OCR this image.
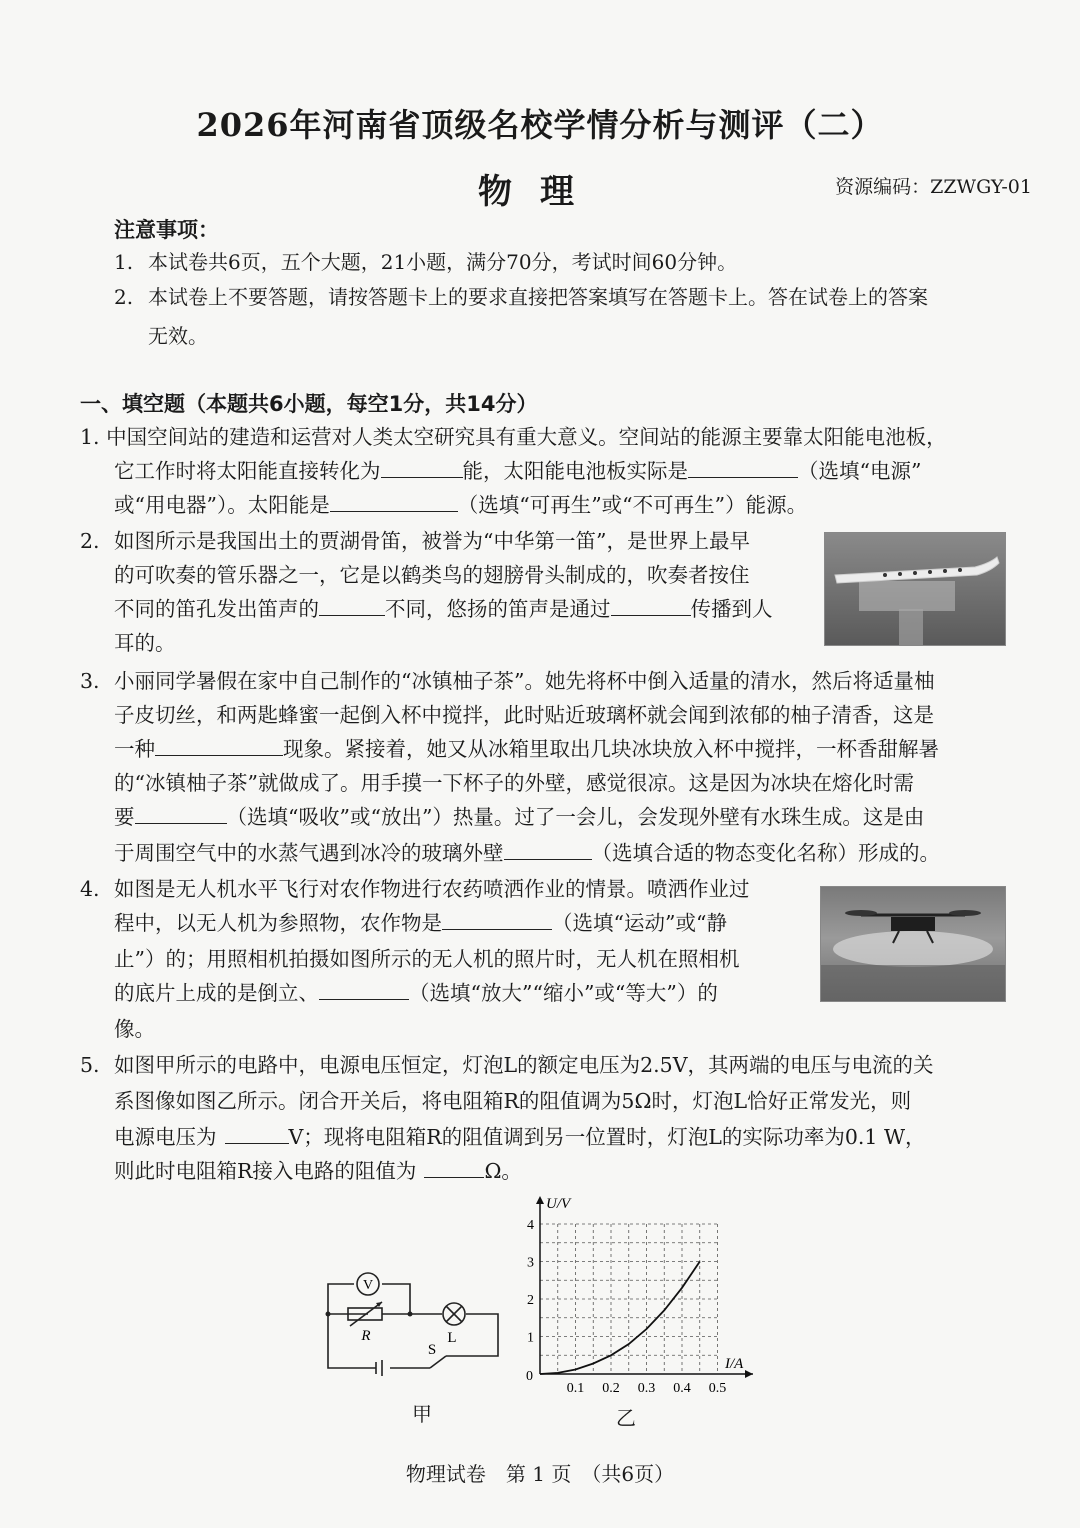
2026年河南省顶级名校学情分析与测评（二）
物理	资源编码：ZZWGY-01
注意事项：
1. 本试卷共6页，五个大题，21小题，满分70分，考试时间60分钟。
2. 本试卷上不要答题，请按答题卡上的要求直接把答案填写在答题卡上。答在试卷上的答案
无效。
一、填空题（本题共6小题，每空1分，共14分）
1. 中国空间站的建造和运营对人类太空研究具有重大意义。空间站的能源主要靠太阳能电池板，
它工作时将太阳能直接转化为	能，太阳能电池板实际是	（选填“电源”
或“用电器”）。太阳能是	（选填“可再生”或“不可再生”）能源。
2. 如图所示是我国出土的贾湖骨笛，被誉为“中华第一笛”，是世界上最早
的可吹奏的管乐器之一，它是以鹤类鸟的翅膀骨头制成的，吹奏者按住
不同的笛孔发出笛声的	不同，悠扬的笛声是通过	传播到人
耳的。
3. 小丽同学暑假在家中自己制作的“冰镇柚子茶”。她先将杯中倒入适量的清水，然后将适量柚
子皮切丝，和两匙蜂蜜一起倒入杯中搅拌，此时贴近玻璃杯就会闻到浓郁的柚子清香，这是
一种	现象。紧接着，她又从冰箱里取出几块冰块放入杯中搅拌，一杯香甜解暑
的“冰镇柚子茶”就做成了。用手摸一下杯子的外壁，感觉很凉。这是因为冰块在熔化时需
要	（选填“吸收”或“放出”）热量。过了一会儿，会发现外壁有水珠生成。这是由
于周围空气中的水蒸气遇到冰冷的玻璃外壁	（选填合适的物态变化名称）形成的。
4. 如图是无人机水平飞行对农作物进行农药喷洒作业的情景。喷洒作业过
程中，以无人机为参照物，农作物是	（选填“运动”或“静
止”）的；用照相机拍摄如图所示的无人机的照片时，无人机在照相机
的底片上成的是倒立、	（选填“放大”“缩小”或“等大”）的
像。
5. 如图甲所示的电路中，电源电压恒定，灯泡L的额定电压为2.5V，其两端的电压与电流的关
系图像如图乙所示。闭合开关后，将电阻箱R的阻值调为5Ω时，灯泡L恰好正常发光，则
电源电压为	V；现将电阻箱R的阻值调到另一位置时，灯泡L的实际功率为0.1 W，
则此时电阻箱R接入电路的阻值为	Ω。
V
R	L
S
甲
0.1 0.2 0.3 0.4 0.5
1
2
3
4
U/V
I/A
0
乙
物理试卷　第 1 页　（共6页）
